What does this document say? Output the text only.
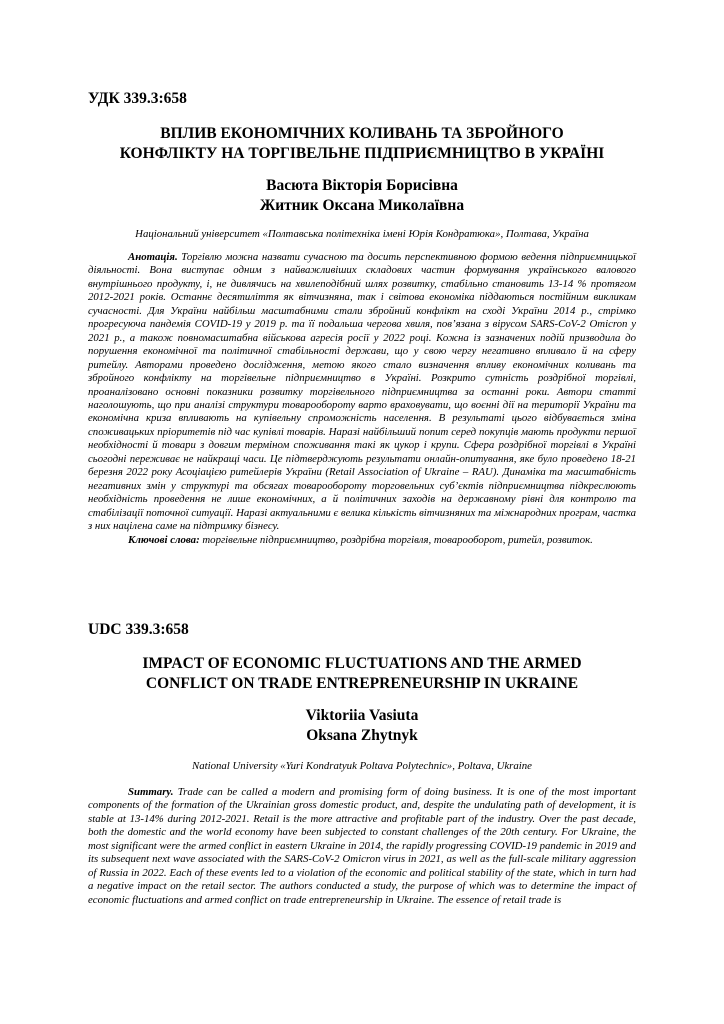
УДК 339.3:658
ВПЛИВ ЕКОНОМІЧНИХ КОЛИВАНЬ ТА ЗБРОЙНОГО
КОНФЛІКТУ НА ТОРГІВЕЛЬНЕ ПІДПРИЄМНИЦТВО В УКРАЇНІ
Васюта Вікторія Борисівна
Житник Оксана Миколаївна
Національний університет «Полтавська політехніка імені Юрія Кондратюка», Полтава, Україна

Анотація. Торгівлю можна назвати сучасною та досить перспективною формою ведення підприємницької діяльності. Вона виступає одним з найважливіших складових частин формування українського валового внутрішнього продукту, і, не дивлячись на хвилеподібний шлях розвитку, стабільно становить 13-14 % протягом 2012-2021 років. Останнє десятиліття як вітчизняна, так і світова економіка піддаються постійним викликам сучасності. Для України найбільш масштабними стали збройний конфлікт на сході України 2014 р., стрімко прогресуюча пандемія COVID-19 у 2019 р. та її подальша чергова хвиля, пов’язана з вірусом SARS-CoV-2 Omicron у 2021 р., а також повномасштабна військова агресія росії у 2022 році. Кожна із зазначених подій призводила до порушення економічної та політичної стабільності держави, що у свою чергу негативно впливало й на сферу ритейлу. Авторами проведено дослідження, метою якого стало визначення впливу економічних коливань та збройного конфлікту на торгівельне підприємництво в Україні. Розкрито сутність роздрібної торгівлі, проаналізовано основні показники розвитку торгівельного підприємництва за останні роки. Автори статті наголошують, що при аналізі структури товарообороту варто враховувати, що воєнні дії на території України та економічна криза впливають на купівельну спроможність населення. В результаті цього відбувається зміна споживацьких пріоритетів під час купівлі товарів. Наразі найбільший попит серед покупців мають продукти першої необхідності й товари з довгим терміном споживання такі як цукор і крупи. Сфера роздрібної торгівлі в Україні сьогодні переживає не найкращі часи. Це підтверджують результати онлайн-опитування, яке було проведено 18-21 березня 2022 року Асоціацією ритейлерів України (Retail Association of Ukraine – RAU). Динаміка та масштабність негативних змін у структурі та обсягах товарообороту торговельних суб’єктів підприємництва підкреслюють необхідність проведення не лише економічних, а й політичних заходів на державному рівні для контролю та стабілізації поточної ситуації. Наразі актуальними є велика кількість вітчизняних та міжнародних програм, частка з них націлена саме на підтримку бізнесу.

Ключові слова: торгівельне підприємництво, роздрібна торгівля, товарооборот, ритейл, розвиток.

UDC 339.3:658
IMPACT OF ECONOMIC FLUCTUATIONS AND THE ARMED
CONFLICT ON TRADE ENTREPRENEURSHIP IN UKRAINE
Viktoriia Vasiuta
Oksana Zhytnyk
National University «Yuri Kondratyuk Poltava Polytechnic», Poltava, Ukraine

Summary. Trade can be called a modern and promising form of doing business. It is one of the most important components of the formation of the Ukrainian gross domestic product, and, despite the undulating path of development, it is stable at 13-14% during 2012-2021. Retail is the more attractive and profitable part of the industry. Over the past decade, both the domestic and the world economy have been subjected to constant challenges of the 20th century. For Ukraine, the most significant were the armed conflict in eastern Ukraine in 2014, the rapidly progressing COVID-19 pandemic in 2019 and its subsequent next wave associated with the SARS-CoV-2 Omicron virus in 2021, as well as the full-scale military aggression of Russia in 2022. Each of these events led to a violation of the economic and political stability of the state, which in turn had a negative impact on the retail sector. The authors conducted a study, the purpose of which was to determine the impact of economic fluctuations and armed conflict on trade entrepreneurship in Ukraine. The essence of retail trade is
